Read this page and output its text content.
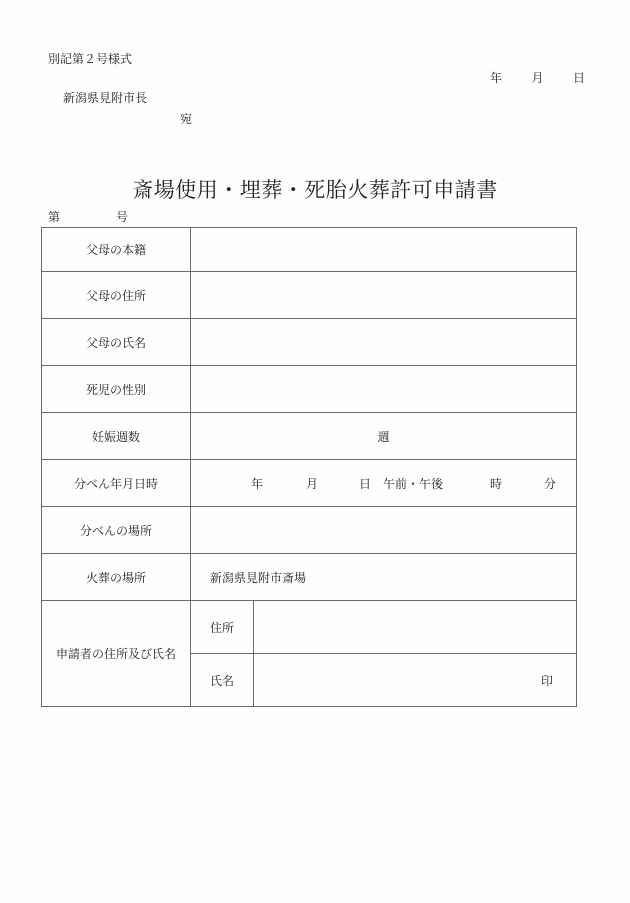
別記第２号様式
年 月 日
新潟県見附市長
宛
斎場使用・埋葬・死胎火葬許可申請書
第	号
父母の本籍		
父母の住所		
父母の氏名		
死児の性別		
妊娠週数	週	
分べん年月日時	年	月	日 午前・午後	時	分

分べんの場所		
火葬の場所	新潟県見附市斎場	
申請者の住所及び氏名	住所	
	氏名	印
